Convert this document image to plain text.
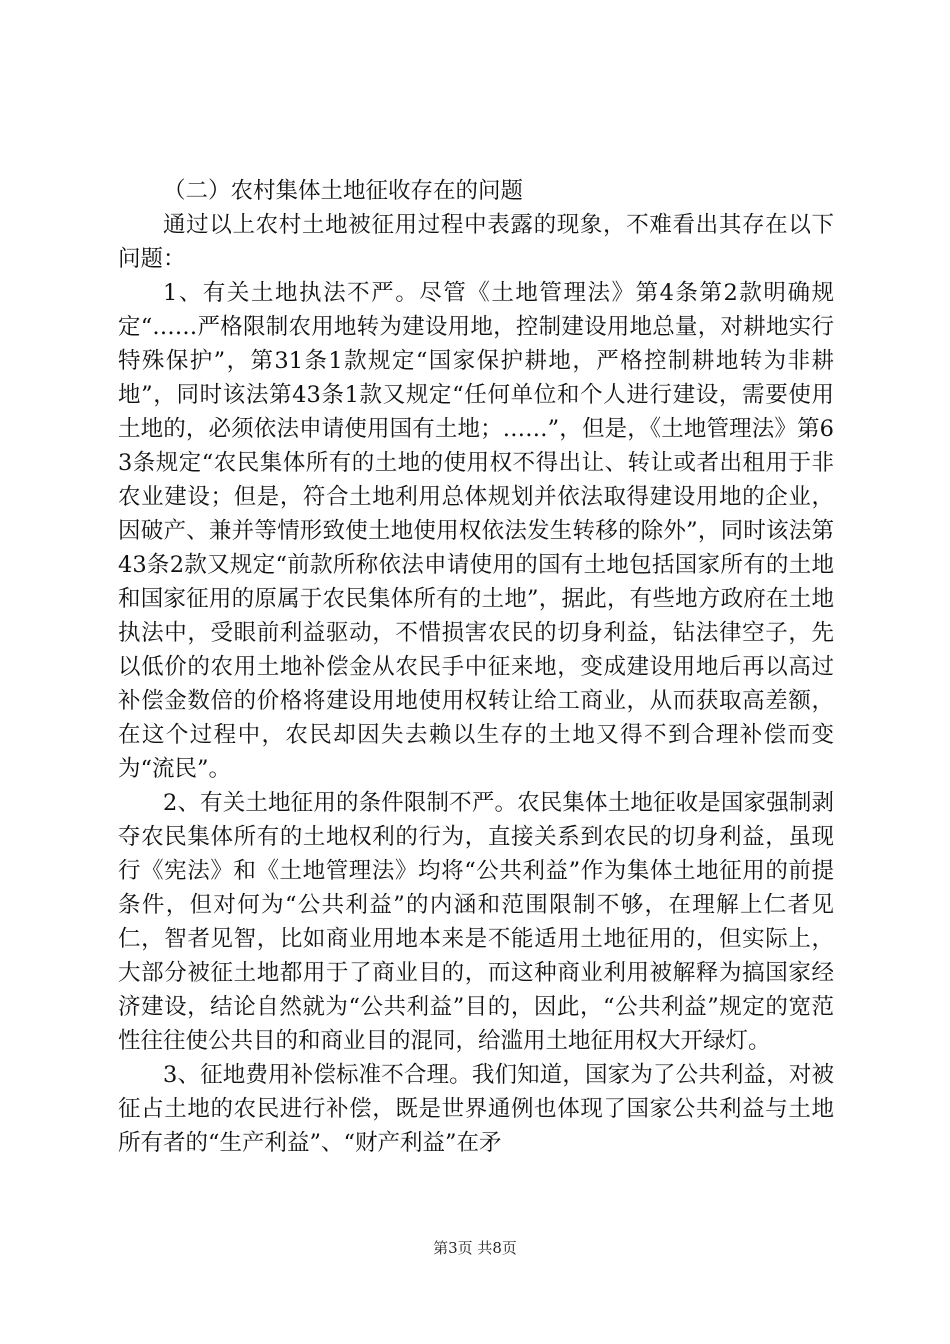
（二）农村集体土地征收存在的问题

通过以上农村土地被征用过程中表露的现象，不难看出其存在以下问题：

1、有关土地执法不严。尽管《土地管理法》第4条第2款明确规定“……严格限制农用地转为建设用地，控制建设用地总量，对耕地实行特殊保护”，第31条1款规定“国家保护耕地，严格控制耕地转为非耕地”，同时该法第43条1款又规定“任何单位和个人进行建设，需要使用土地的，必须依法申请使用国有土地；……”，但是，《土地管理法》第63条规定“农民集体所有的土地的使用权不得出让、转让或者出租用于非农业建设；但是，符合土地利用总体规划并依法取得建设用地的企业，因破产、兼并等情形致使土地使用权依法发生转移的除外”，同时该法第43条2款又规定“前款所称依法申请使用的国有土地包括国家所有的土地和国家征用的原属于农民集体所有的土地”，据此，有些地方政府在土地执法中，受眼前利益驱动，不惜损害农民的切身利益，钻法律空子，先以低价的农用土地补偿金从农民手中征来地，变成建设用地后再以高过补偿金数倍的价格将建设用地使用权转让给工商业，从而获取高差额，在这个过程中，农民却因失去赖以生存的土地又得不到合理补偿而变为“流民”。

2、有关土地征用的条件限制不严。农民集体土地征收是国家强制剥夺农民集体所有的土地权利的行为，直接关系到农民的切身利益，虽现行《宪法》和《土地管理法》均将“公共利益”作为集体土地征用的前提条件，但对何为“公共利益”的内涵和范围限制不够，在理解上仁者见仁，智者见智，比如商业用地本来是不能适用土地征用的，但实际上，大部分被征土地都用于了商业目的，而这种商业利用被解释为搞国家经济建设，结论自然就为“公共利益”目的，因此，“公共利益”规定的宽范性往往使公共目的和商业目的混同，给滥用土地征用权大开绿灯。

3、征地费用补偿标准不合理。我们知道，国家为了公共利益，对被征占土地的农民进行补偿，既是世界通例也体现了国家公共利益与土地所有者的“生产利益”、“财产利益”在矛

第3页 共8页
